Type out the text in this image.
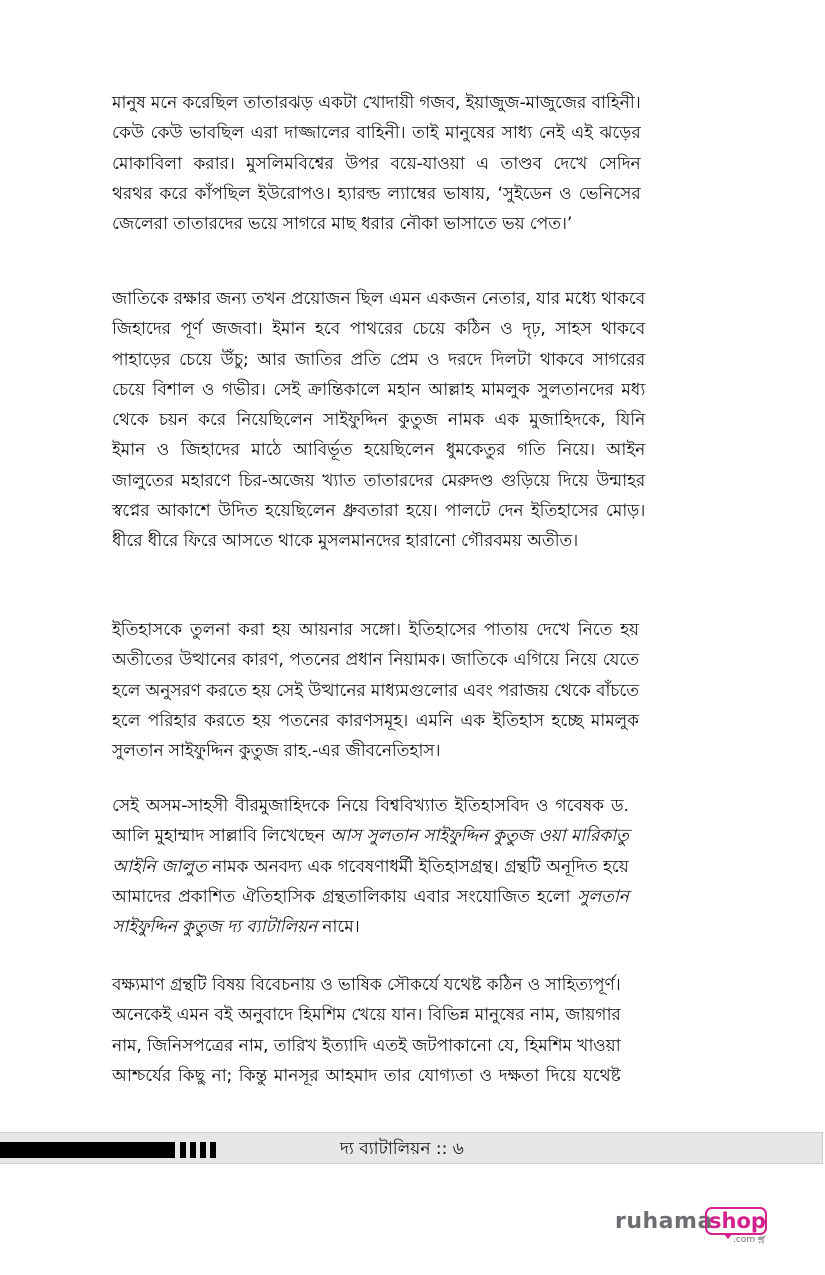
মানুষ মনে করেছিল তাতারঝড় একটা খোদায়ী গজব, ইয়াজুজ-মাজুজের বাহিনী।
কেউ কেউ ভাবছিল এরা দাজ্জালের বাহিনী। তাই মানুষের সাধ্য নেই এই ঝড়ের
মোকাবিলা করার। মুসলিমবিশ্বের উপর বয়ে-যাওয়া এ তাণ্ডব দেখে সেদিন
থরথর করে কাঁপছিল ইউরোপও। হ্যারল্ড ল্যাম্বের ভাষায়, ‘সুইডেন ও ভেনিসের
জেলেরা তাতারদের ভয়ে সাগরে মাছ ধরার নৌকা ভাসাতে ভয় পেত।’

জাতিকে রক্ষার জন্য তখন প্রয়োজন ছিল এমন একজন নেতার, যার মধ্যে থাকবে
জিহাদের পূর্ণ জজবা। ইমান হবে পাথরের চেয়ে কঠিন ও দৃঢ়, সাহস থাকবে
পাহাড়ের চেয়ে উঁচু; আর জাতির প্রতি প্রেম ও দরদে দিলটা থাকবে সাগরের
চেয়ে বিশাল ও গভীর। সেই ক্রান্তিকালে মহান আল্লাহ মামলুক সুলতানদের মধ্য
থেকে চয়ন করে নিয়েছিলেন সাইফুদ্দিন কুতুজ নামক এক মুজাহিদকে, যিনি
ইমান ও জিহাদের মাঠে আবির্ভূত হয়েছিলেন ধুমকেতুর গতি নিয়ে। আইন
জালুতের মহারণে চির-অজেয় খ্যাত তাতারদের মেরুদণ্ড গুড়িয়ে দিয়ে উন্মাহর
স্বপ্নের আকাশে উদিত হয়েছিলেন ধ্রুবতারা হয়ে। পালটে দেন ইতিহাসের মোড়।
ধীরে ধীরে ফিরে আসতে থাকে মুসলমানদের হারানো গৌরবময় অতীত।

ইতিহাসকে তুলনা করা হয় আয়নার সঙ্গো। ইতিহাসের পাতায় দেখে নিতে হয়
অতীতের উত্থানের কারণ, পতনের প্রধান নিয়ামক। জাতিকে এগিয়ে নিয়ে যেতে
হলে অনুসরণ করতে হয় সেই উত্থানের মাধ্যমগুলোর এবং পরাজয় থেকে বাঁচতে
হলে পরিহার করতে হয় পতনের কারণসমূহ। এমনি এক ইতিহাস হচ্ছে মামলুক
সুলতান সাইফুদ্দিন কুতুজ রাহ.-এর জীবনেতিহাস।

সেই অসম-সাহসী বীরমুজাহিদকে নিয়ে বিশ্ববিখ্যাত ইতিহাসবিদ ও গবেষক ড.
আলি মুহাম্মাদ সাল্লাবি লিখেছেন আস সুলতান সাইফুদ্দিন কুতুজ ওয়া মারিকাতু
আইনি জালুত নামক অনবদ্য এক গবেষণাধর্মী ইতিহাসগ্রন্থ। গ্রন্থটি অনূদিত হয়ে
আমাদের প্রকাশিত ঐতিহাসিক গ্রন্থতালিকায় এবার সংযোজিত হলো সুলতান
সাইফুদ্দিন কুতুজ দ্য ব্যাটালিয়ন নামে।

বক্ষ্যমাণ গ্রন্থটি বিষয় বিবেচনায় ও ভাষিক সৌকর্যে যথেষ্ট কঠিন ও সাহিত্যপূর্ণ।
অনেকেই এমন বই অনুবাদে হিমশিম খেয়ে যান। বিভিন্ন মানুষের নাম, জায়গার
নাম, জিনিসপত্রের নাম, তারিখ ইত্যাদি এতই জটপাকানো যে, হিমশিম খাওয়া
আশ্চর্যের কিছু না; কিন্তু মানসূর আহমাদ তার যোগ্যতা ও দক্ষতা দিয়ে যথেষ্ট

দ্য ব্যাটালিয়ন :: ৬
ruhama
shop
.com 🛒︎
